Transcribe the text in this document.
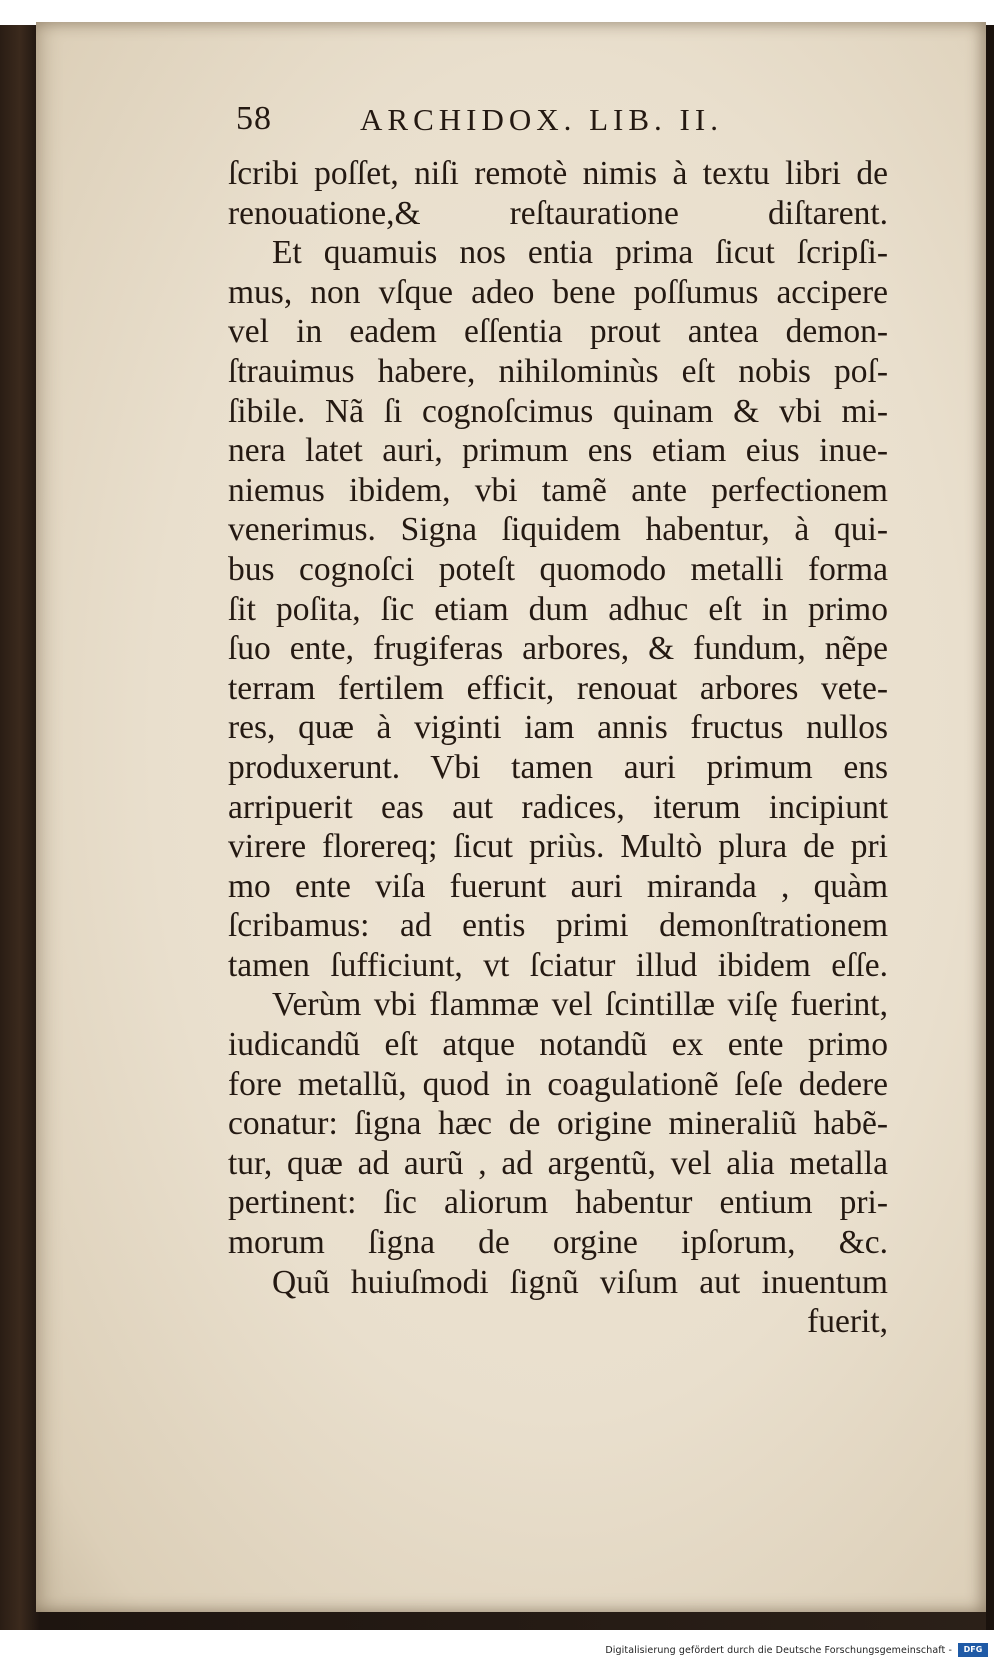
58	ARCHIDOX. LIB. II.
ſcribi poſſet, niſi remotè nimis à textu libri de
renouatione,& reſtauratione diſtarent.
Et quamuis nos entia prima ſicut ſcripſi-
mus, non vſque adeo bene poſſumus accipere
vel in eadem eſſentia prout antea demon-
ſtrauimus habere, nihilominùs eſt nobis poſ-
ſibile. Nã ſi cognoſcimus quinam & vbi mi-
nera latet auri, primum ens etiam eius inue-
niemus ibidem, vbi tamẽ ante perfectionem
venerimus. Signa ſiquidem habentur, à qui-
bus cognoſci poteſt quomodo metalli forma
ſit poſita, ſic etiam dum adhuc eſt in primo
ſuo ente, frugiferas arbores, & fundum, nẽpe
terram fertilem efficit, renouat arbores vete-
res, quæ à viginti iam annis fructus nullos
produxerunt. Vbi tamen auri primum ens
arripuerit eas aut radices, iterum incipiunt
virere florereq; ſicut priùs. Multò plura de pri
mo ente viſa fuerunt auri miranda , quàm
ſcribamus: ad entis primi demonſtrationem
tamen ſufficiunt, vt ſciatur illud ibidem eſſe.
Verùm vbi flammæ vel ſcintillæ viſę fuerint,
iudicandũ eſt atque notandũ ex ente primo
fore metallũ, quod in coagulationẽ ſeſe dedere
conatur: ſigna hæc de origine mineraliũ habẽ-
tur, quæ ad aurũ , ad argentũ, vel alia metalla
pertinent: ſic aliorum habentur entium pri-
morum ſigna de orgine ipſorum, &c.
Quũ huiuſmodi ſignũ viſum aut inuentum
fuerit,
Digitalisierung gefördert durch die Deutsche Forschungsgemeinschaft -	DFG
